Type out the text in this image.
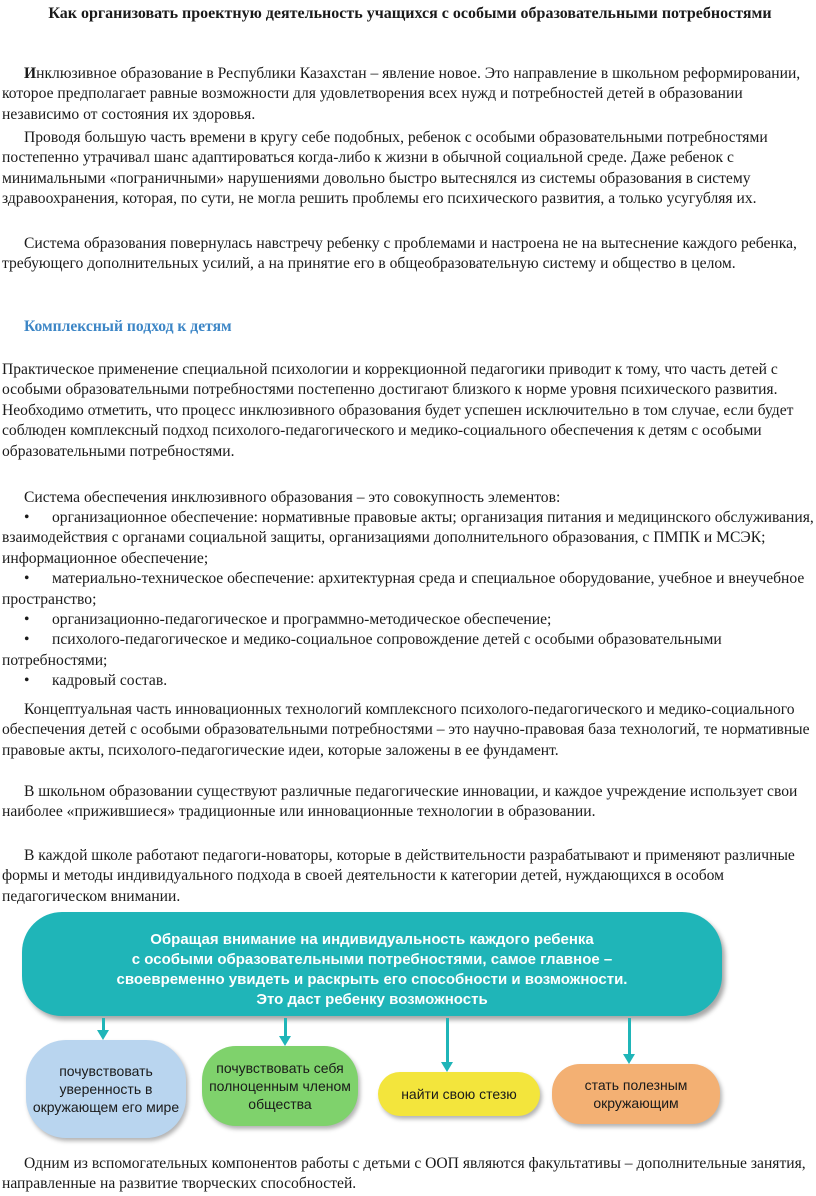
Как организовать проектную деятельность учащихся с особыми образовательными потребностями
Инклюзивное образование в Республики Казахстан – явление новое. Это направление в школьном реформировании, которое предполагает равные возможности для удовлетворения всех нужд и потребностей детей в образовании независимо от состояния их здоровья.
Проводя большую часть времени в кругу себе подобных, ребенок с особыми образовательными потребностями постепенно утрачивал шанс адаптироваться когда-либо к жизни в обычной социальной среде. Даже ребенок с минимальными «пограничными» нарушениями довольно быстро вытеснялся из системы образования в систему здравоохранения, которая, по сути, не могла решить проблемы его психического развития, а только усугубляя их.
Система образования повернулась навстречу ребенку с проблемами и настроена не на вытеснение каждого ребенка, требующего дополнительных усилий, а на принятие его в общеобразовательную систему и общество в целом.
Комплексный подход к детям
Практическое применение специальной психологии и коррекционной педагогики приводит к тому, что часть детей с особыми образовательными потребностями постепенно достигают близкого к норме уровня психического развития. Необходимо отметить, что процесс инклюзивного образования будет успешен исключительно в том случае, если будет соблюден комплексный подход психолого-педагогического и медико-социального обеспечения к детям с особыми образовательными потребностями.
Система обеспечения инклюзивного образования – это совокупность элементов:
• организационное обеспечение: нормативные правовые акты; организация питания и медицинского обслуживания, взаимодействия с органами социальной защиты, организациями дополнительного образования, с ПМПК и МСЭК; информационное обеспечение;
• материально-техническое обеспечение: архитектурная среда и специальное оборудование, учебное и внеучебное пространство;
• организационно-педагогическое и программно-методическое обеспечение;
• психолого-педагогическое и медико-социальное сопровождение детей с особыми образовательными потребностями;
• кадровый состав.
Концептуальная часть инновационных технологий комплексного психолого-педагогического и медико-социального обеспечения детей с особыми образовательными потребностями – это научно-правовая база технологий, те нормативные правовые акты, психолого-педагогические идеи, которые заложены в ее фундамент.
В школьном образовании существуют различные педагогические инновации, и каждое учреждение использует свои наиболее «прижившиеся» традиционные или инновационные технологии в образовании.
В каждой школе работают педагоги-новаторы, которые в действительности разрабатывают и применяют различные формы и методы индивидуального подхода в своей деятельности к категории детей, нуждающихся в особом педагогическом внимании.
Обращая внимание на индивидуальность каждого ребенка
с особыми образовательными потребностями, самое главное –
своевременно увидеть и раскрыть его способности и возможности.
Это даст ребенку возможность
почувствовать уверенность в окружающем его мире
почувствовать себя полноценным членом общества
найти свою стезю
стать полезным окружающим
Одним из вспомогательных компонентов работы с детьми с ООП являются факультативы – дополнительные занятия, направленные на развитие творческих способностей.
